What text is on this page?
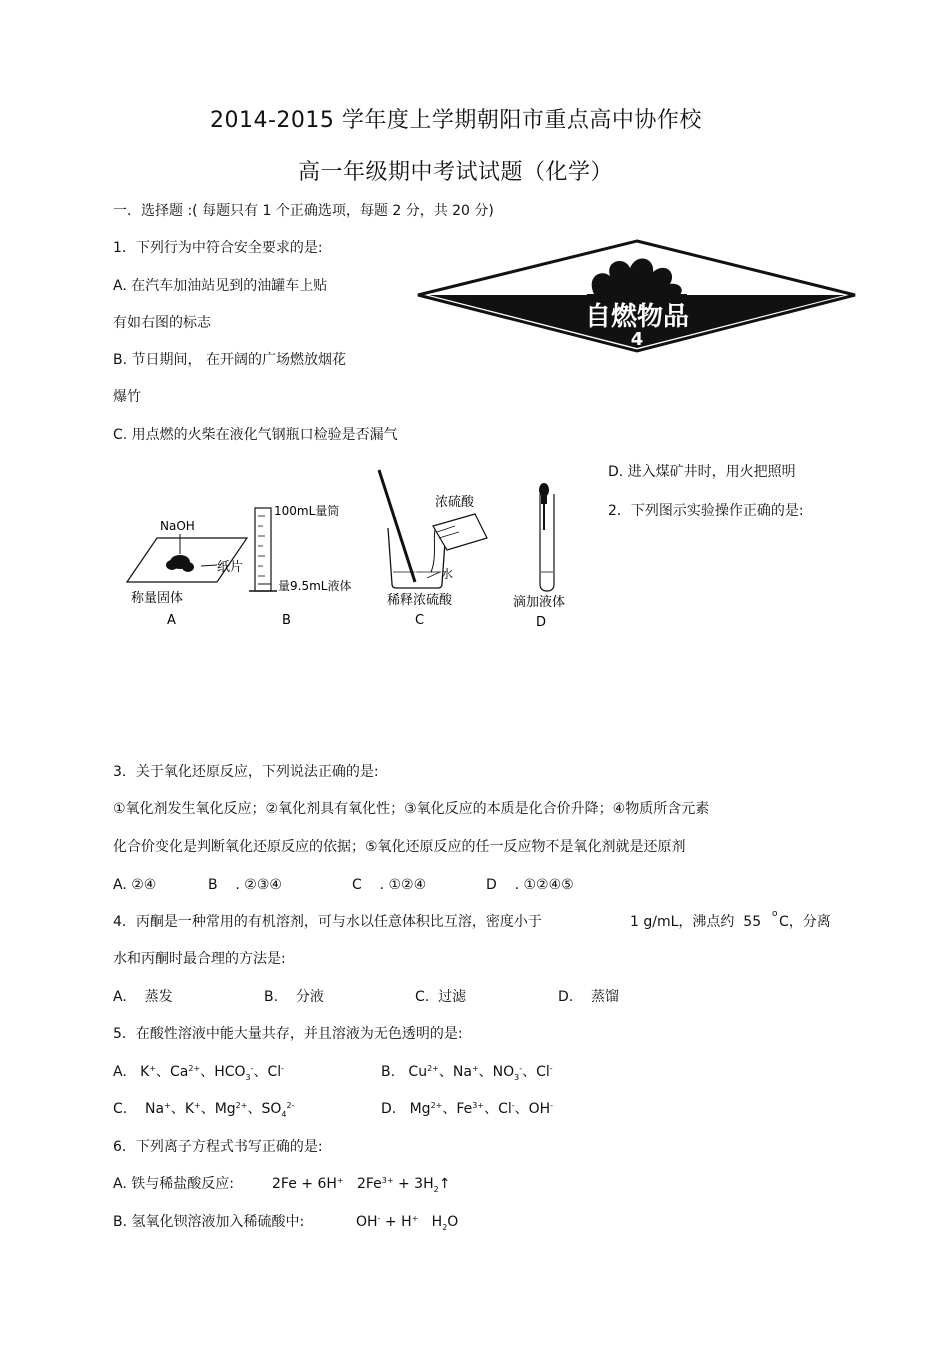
2014-2015 学年度上学期朝阳市重点高中协作校
高一年级期中考试试题（化学）
一．选择题 :( 每题只有 1 个正确选项，每题 2 分，共 20 分)
1．下列行为中符合安全要求的是:
A. 在汽车加油站见到的油罐车上贴
有如右图的标志
B. 节日期间， 在开阔的广场燃放烟花
爆竹
C. 用点燃的火柴在液化气钢瓶口检验是否漏气
D. 进入煤矿井时，用火把照明
自燃物品
4
NaOH
纸片
称量固体
A
100mL量筒
量9.5mL液体
B
浓硫酸
水
稀释浓硫酸
C
滴加液体
D
2．下列图示实验操作正确的是:
3．关于氧化还原反应，下列说法正确的是:
①氧化剂发生氧化反应；②氧化剂具有氧化性；③氧化反应的本质是化合价升降；④物质所含元素
化合价变化是判断氧化还原反应的依据；⑤氧化还原反应的任一反应物不是氧化剂就是还原剂
A. ②④	B    . ②③④	C    . ①②④	D    . ①②④⑤
4．丙酮是一种常用的有机溶剂，可与水以任意体积比互溶，密度小于	1 g/mL，沸点约  55 o C，分离
水和丙酮时最合理的方法是:
A.    蒸发	B.    分液	C.  过滤	D.    蒸馏
5．在酸性溶液中能大量共存，并且溶液为无色透明的是:
A. K+、$Ca^{2+}$、$HCO_3^-$、Cl-	B. $Cu^{2+}$、Na+、$NO_3^-$、Cl-
C. Na+、K+、$Mg^{2+}$、$SO_4^{2-}$	D. $Mg^{2+}$、$Fe^{3+}$、Cl-、OH-
6．下列离子方程式书写正确的是:
A. 铁与稀盐酸反应:	2Fe + 6H+ $2Fe^{3+}$ + $3H_2↑$
B. 氢氧化钡溶液加入稀硫酸中:	OH- + H+ $H_2O$
